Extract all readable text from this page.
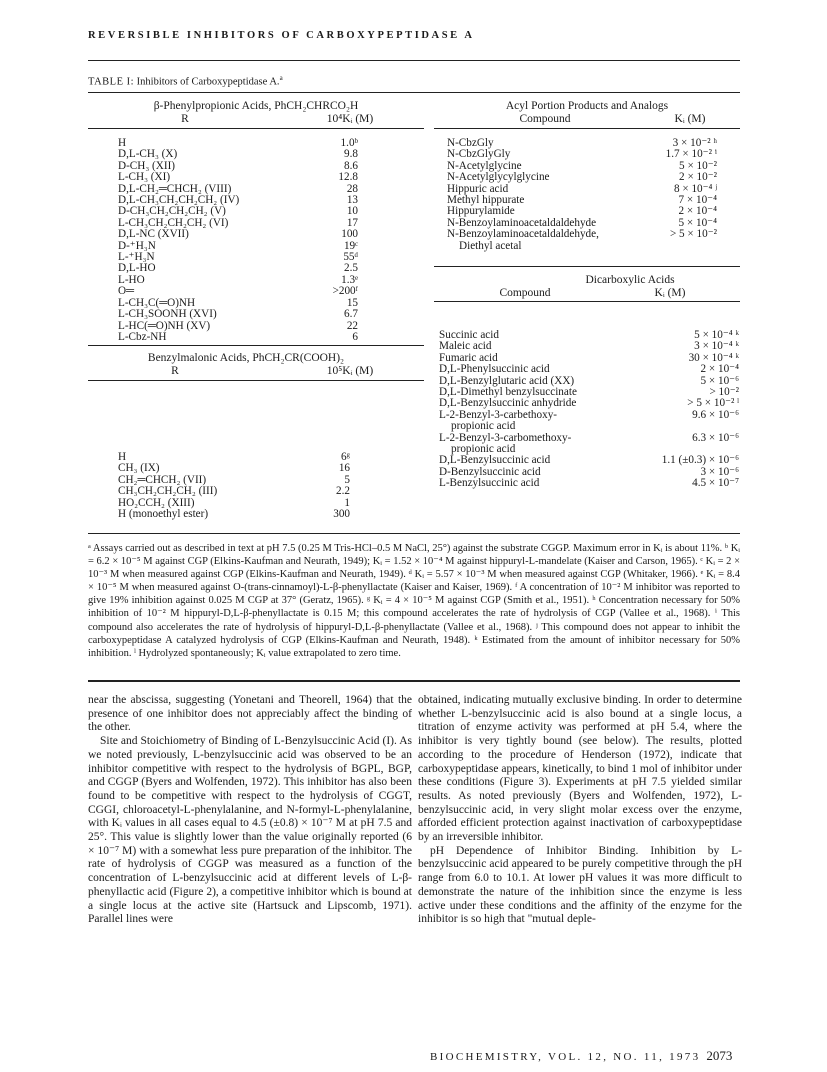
REVERSIBLE INHIBITORS OF CARBOXYPEPTIDASE A
TABLE I: Inhibitors of Carboxypeptidase A.$^a$
β-Phenylpropionic Acids, PhCH₂CHRCO₂H
R	10⁴Kᵢ (M)
H	1.0ᵇ
D,L-CH₃ (X)	9.8
D-CH₃ (XII)	8.6
L-CH₃ (XI)	12.8
D,L-CH₂═CHCH₂ (VIII)	28
D,L-CH₃CH₂CH₂CH₂ (IV)	13
D-CH₃CH₂CH₂CH₂ (V)	10
L-CH₃CH₂CH₂CH₂ (VI)	17
D,L-NC (XVII)	100
D-⁺H₃N	19ᶜ
L-⁺H₃N	55ᵈ
D,L-HO	2.5
L-HO	1.3ᵉ
O═	>200ᶠ
L-CH₃C(═O)NH	15
L-CH₃SOONH (XVI)	6.7
L-HC(═O)NH (XV)	22
L-Cbz-NH	6
Benzylmalonic Acids, PhCH₂CR(COOH)₂
R	10⁵Kᵢ (M)
H	6ᵍ
CH₃ (IX)	16
CH₂═CHCH₂ (VII)	5
CH₃CH₂CH₂CH₂ (III)	2.2
HO₂CCH₂ (XIII)	1
H (monoethyl ester)	300
Acyl Portion Products and Analogs
Compound	Kᵢ (M)
N-CbzGly	3 × 10⁻² ʰ
N-CbzGlyGly	1.7 × 10⁻² ⁱ
N-Acetylglycine	5 × 10⁻²
N-Acetylglycylglycine	2 × 10⁻²
Hippuric acid	8 × 10⁻⁴ ʲ
Methyl hippurate	7 × 10⁻⁴
Hippurylamide	2 × 10⁻⁴
N-Benzoylaminoacetaldaldehyde	5 × 10⁻⁴
N-Benzoylaminoacetaldaldehyde,	> 5 × 10⁻²
Diethyl acetal	
Dicarboxylic Acids
Compound	Kᵢ (M)
Succinic acid	5 × 10⁻⁴ ᵏ
Maleic acid	3 × 10⁻⁴ ᵏ
Fumaric acid	30 × 10⁻⁴ ᵏ
D,L-Phenylsuccinic acid	2 × 10⁻⁴
D,L-Benzylglutaric acid (XX)	5 × 10⁻⁶
D,L-Dimethyl benzylsuccinate	> 10⁻²
D,L-Benzylsuccinic anhydride	> 5 × 10⁻² ˡ
L-2-Benzyl-3-carbethoxy-	9.6 × 10⁻⁶
propionic acid	
L-2-Benzyl-3-carbomethoxy-	6.3 × 10⁻⁶
propionic acid	
D,L-Benzylsuccinic acid	1.1 (±0.3) × 10⁻⁶
D-Benzylsuccinic acid	3 × 10⁻⁶
L-Benzylsuccinic acid	4.5 × 10⁻⁷
ᵃ Assays carried out as described in text at pH 7.5 (0.25 M Tris-HCl–0.5 M NaCl, 25°) against the substrate CGGP. Maximum error in Kᵢ is about 11%. ᵇ Kᵢ = 6.2 × 10⁻⁵ M against CGP (Elkins-Kaufman and Neurath, 1949); Kᵢ = 1.52 × 10⁻⁴ M against hippuryl-L-mandelate (Kaiser and Carson, 1965). ᶜ Kᵢ = 2 × 10⁻³ M when measured against CGP (Elkins-Kaufman and Neurath, 1949). ᵈ Kᵢ = 5.57 × 10⁻³ M when measured against CGP (Whitaker, 1966). ᵉ Kᵢ = 8.4 × 10⁻⁵ M when measured against O-(trans-cinnamoyl)-L-β-phenyllactate (Kaiser and Kaiser, 1969). ᶠ A concentration of 10⁻² M inhibitor was reported to give 19% inhibition against 0.025 M CGP at 37° (Geratz, 1965). ᵍ Kᵢ = 4 × 10⁻⁵ M against CGP (Smith et al., 1951). ʰ Concentration necessary for 50% inhibition of 10⁻² M hippuryl-D,L-β-phenyllactate is 0.15 M; this compound accelerates the rate of hydrolysis of CGP (Vallee et al., 1968). ⁱ This compound also accelerates the rate of hydrolysis of hippuryl-D,L-β-phenyllactate (Vallee et al., 1968). ʲ This compound does not appear to inhibit the carboxypeptidase A catalyzed hydrolysis of CGP (Elkins-Kaufman and Neurath, 1948). ᵏ Estimated from the amount of inhibitor necessary for 50% inhibition. ˡ Hydrolyzed spontaneously; Kᵢ value extrapolated to zero time.

near the abscissa, suggesting (Yonetani and Theorell, 1964) that the presence of one inhibitor does not appreciably affect the binding of the other.

Site and Stoichiometry of Binding of L-Benzylsuccinic Acid (I). As we noted previously, L-benzylsuccinic acid was observed to be an inhibitor competitive with respect to the hydrolysis of BGPL, BGP, and CGGP (Byers and Wolfenden, 1972). This inhibitor has also been found to be competitive with respect to the hydrolysis of CGGT, CGGI, chloroacetyl-L-phenylalanine, and N-formyl-L-phenylalanine, with Kᵢ values in all cases equal to 4.5 (±0.8) × 10⁻⁷ M at pH 7.5 and 25°. This value is slightly lower than the value originally reported (6 × 10⁻⁷ M) with a somewhat less pure preparation of the inhibitor. The rate of hydrolysis of CGGP was measured as a function of the concentration of L-benzylsuccinic acid at different levels of L-β-phenyllactic acid (Figure 2), a competitive inhibitor which is bound at a single locus at the active site (Hartsuck and Lipscomb, 1971). Parallel lines were

obtained, indicating mutually exclusive binding. In order to determine whether L-benzylsuccinic acid is also bound at a single locus, a titration of enzyme activity was performed at pH 5.4, where the inhibitor is very tightly bound (see below). The results, plotted according to the procedure of Henderson (1972), indicate that carboxypeptidase appears, kinetically, to bind 1 mol of inhibitor under these conditions (Figure 3). Experiments at pH 7.5 yielded similar results. As noted previously (Byers and Wolfenden, 1972), L-benzylsuccinic acid, in very slight molar excess over the enzyme, afforded efficient protection against inactivation of carboxypeptidase by an irreversible inhibitor.

pH Dependence of Inhibitor Binding. Inhibition by L-benzylsuccinic acid appeared to be purely competitive through the pH range from 6.0 to 10.1. At lower pH values it was more difficult to demonstrate the nature of the inhibition since the enzyme is less active under these conditions and the affinity of the enzyme for the inhibitor is so high that "mutual deple-

BIOCHEMISTRY, VOL. 12, NO. 11, 1973 2073
